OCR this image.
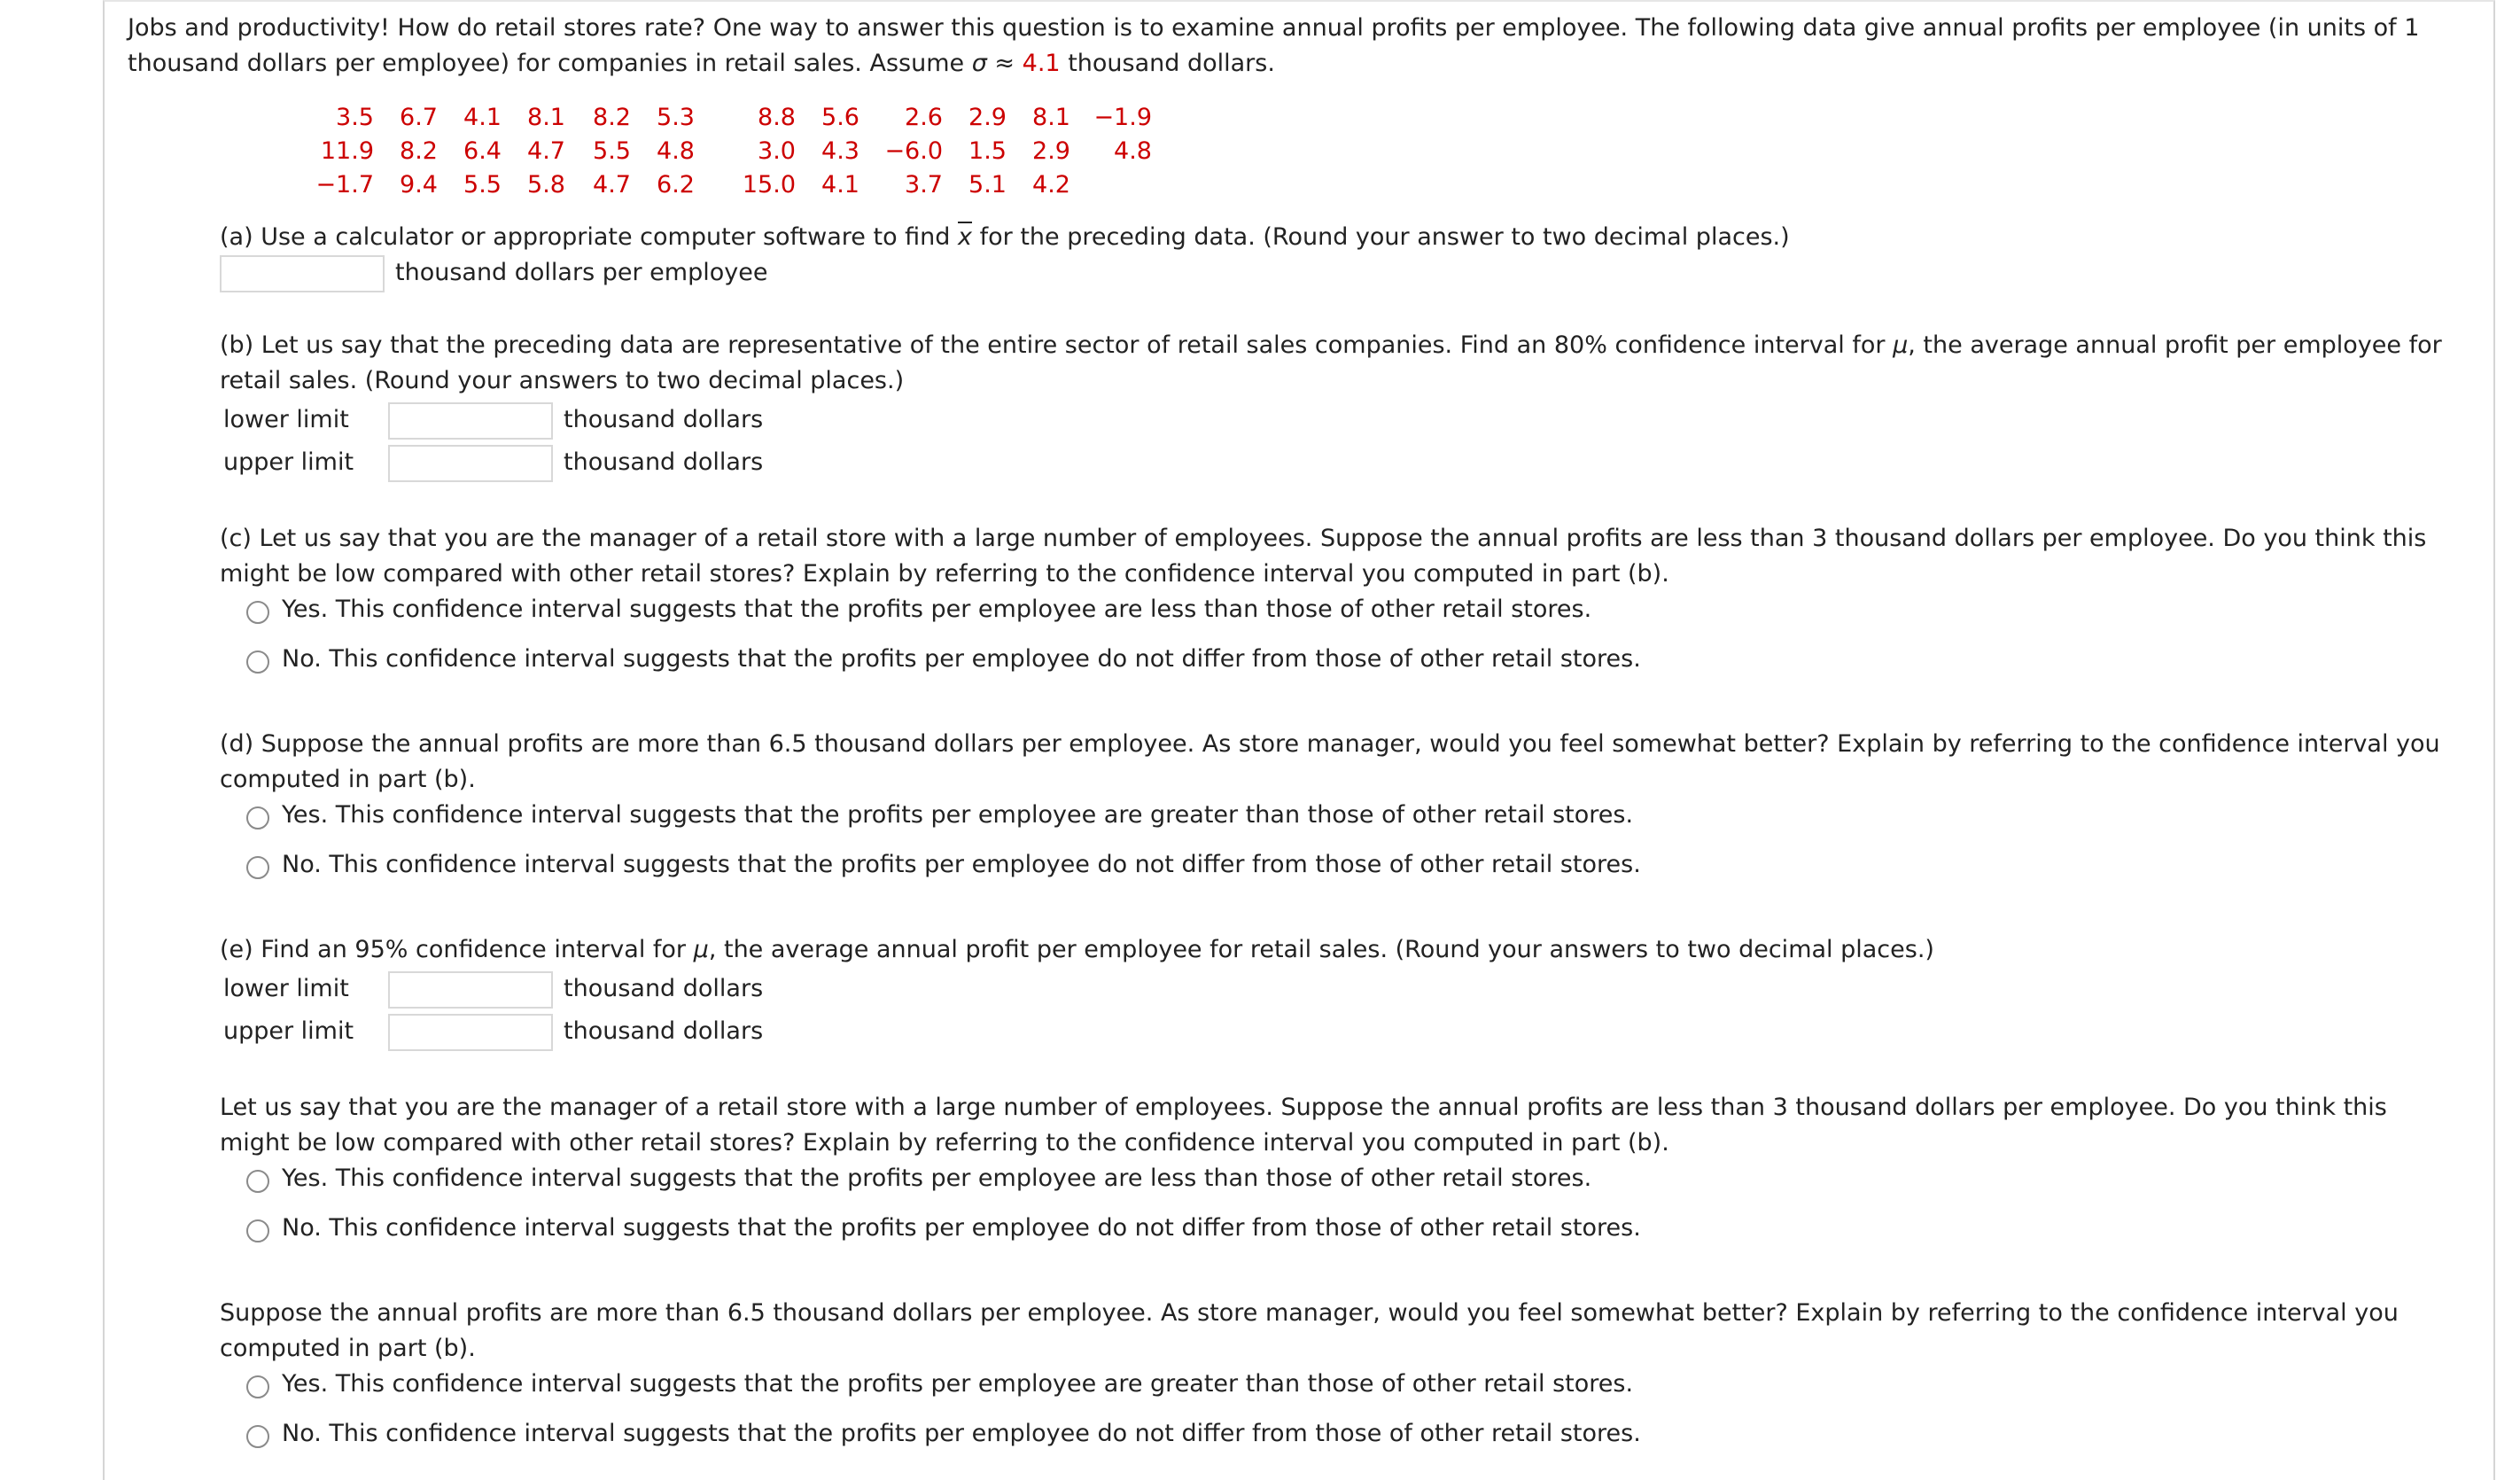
Jobs and productivity! How do retail stores rate? One way to answer this question is to examine annual profits per employee. The following data give annual profits per employee (in units of 1 thousand dollars per employee) for companies in retail sales. Assume σ ≈ 4.1 thousand dollars.
3.5	6.7	4.1	8.1	8.2	5.3	8.8	5.6	2.6	2.9	8.1	−1.9
11.9	8.2	6.4	4.7	5.5	4.8	3.0	4.3	−6.0	1.5	2.9	4.8
−1.7	9.4	5.5	5.8	4.7	6.2	15.0	4.1	3.7	5.1	4.2	
(a) Use a calculator or appropriate computer software to find $\overline{x}$ for the preceding data. (Round your answer to two decimal places.)
thousand dollars per employee
(b) Let us say that the preceding data are representative of the entire sector of retail sales companies. Find an 80% confidence interval for μ, the average annual profit per employee for retail sales. (Round your answers to two decimal places.)
lower limit	thousand dollars
upper limit	thousand dollars
(c) Let us say that you are the manager of a retail store with a large number of employees. Suppose the annual profits are less than 3 thousand dollars per employee. Do you think this might be low compared with other retail stores? Explain by referring to the confidence interval you computed in part (b).
Yes. This confidence interval suggests that the profits per employee are less than those of other retail stores.
No. This confidence interval suggests that the profits per employee do not differ from those of other retail stores.
(d) Suppose the annual profits are more than 6.5 thousand dollars per employee. As store manager, would you feel somewhat better? Explain by referring to the confidence interval you computed in part (b).
Yes. This confidence interval suggests that the profits per employee are greater than those of other retail stores.
No. This confidence interval suggests that the profits per employee do not differ from those of other retail stores.
(e) Find an 95% confidence interval for μ, the average annual profit per employee for retail sales. (Round your answers to two decimal places.)
lower limit	thousand dollars
upper limit	thousand dollars
Let us say that you are the manager of a retail store with a large number of employees. Suppose the annual profits are less than 3 thousand dollars per employee. Do you think this might be low compared with other retail stores? Explain by referring to the confidence interval you computed in part (b).
Yes. This confidence interval suggests that the profits per employee are less than those of other retail stores.
No. This confidence interval suggests that the profits per employee do not differ from those of other retail stores.
Suppose the annual profits are more than 6.5 thousand dollars per employee. As store manager, would you feel somewhat better? Explain by referring to the confidence interval you computed in part (b).
Yes. This confidence interval suggests that the profits per employee are greater than those of other retail stores.
No. This confidence interval suggests that the profits per employee do not differ from those of other retail stores.
